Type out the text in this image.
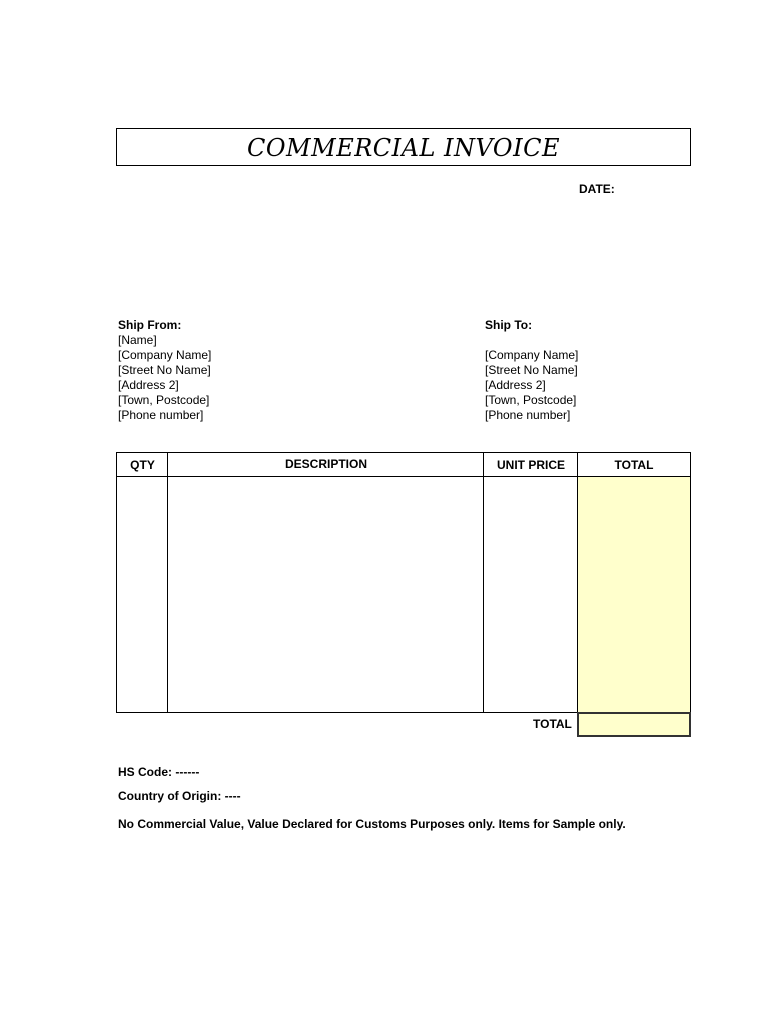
COMMERCIAL INVOICE
DATE:
Ship From:
[Name]
[Company Name]
[Street No Name]
[Address 2]
[Town, Postcode]
[Phone number]
Ship To:
[Company Name]
[Street No Name]
[Address 2]
[Town, Postcode]
[Phone number]
QTY	DESCRIPTION	UNIT PRICE	TOTAL
TOTAL
HS Code: ------
Country of Origin: ----
No Commercial Value, Value Declared for Customs Purposes only. Items for Sample only.
